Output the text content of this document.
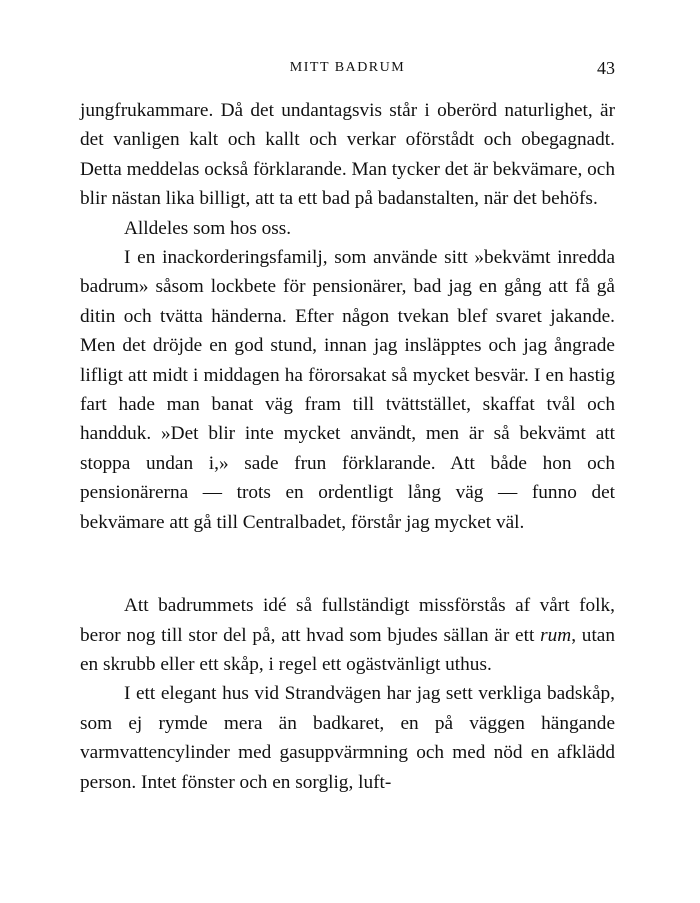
MITT BADRUM	43

jungfrukammare. Då det undantagsvis står i oberörd naturlighet, är det vanligen kalt och kallt och verkar oförstådt och obegagnadt. Detta meddelas också förklarande. Man tycker det är bekvämare, och blir nästan lika billigt, att ta ett bad på badanstalten, när det behöfs.

Alldeles som hos oss.

I en inackorderingsfamilj, som använde sitt »bekvämt inredda badrum» såsom lockbete för pensionärer, bad jag en gång att få gå ditin och tvätta händerna. Efter någon tvekan blef svaret jakande. Men det dröjde en god stund, innan jag insläpptes och jag ångrade lifligt att midt i middagen ha förorsakat så mycket besvär. I en hastig fart hade man banat väg fram till tvättstället, skaffat tvål och handduk. »Det blir inte mycket användt, men är så bekvämt att stoppa undan i,» sade frun förklarande. Att både hon och pensionärerna — trots en ordentligt lång väg — funno det bekvämare att gå till Centralbadet, förstår jag mycket väl.

Att badrummets idé så fullständigt missförstås af vårt folk, beror nog till stor del på, att hvad som bjudes sällan är ett rum, utan en skrubb eller ett skåp, i regel ett ogästvänligt uthus.

I ett elegant hus vid Strandvägen har jag sett verkliga badskåp, som ej rymde mera än badkaret, en på väggen hängande varmvattencylinder med gasuppvärmning och med nöd en afklädd person. Intet fönster och en sorglig, luft-
